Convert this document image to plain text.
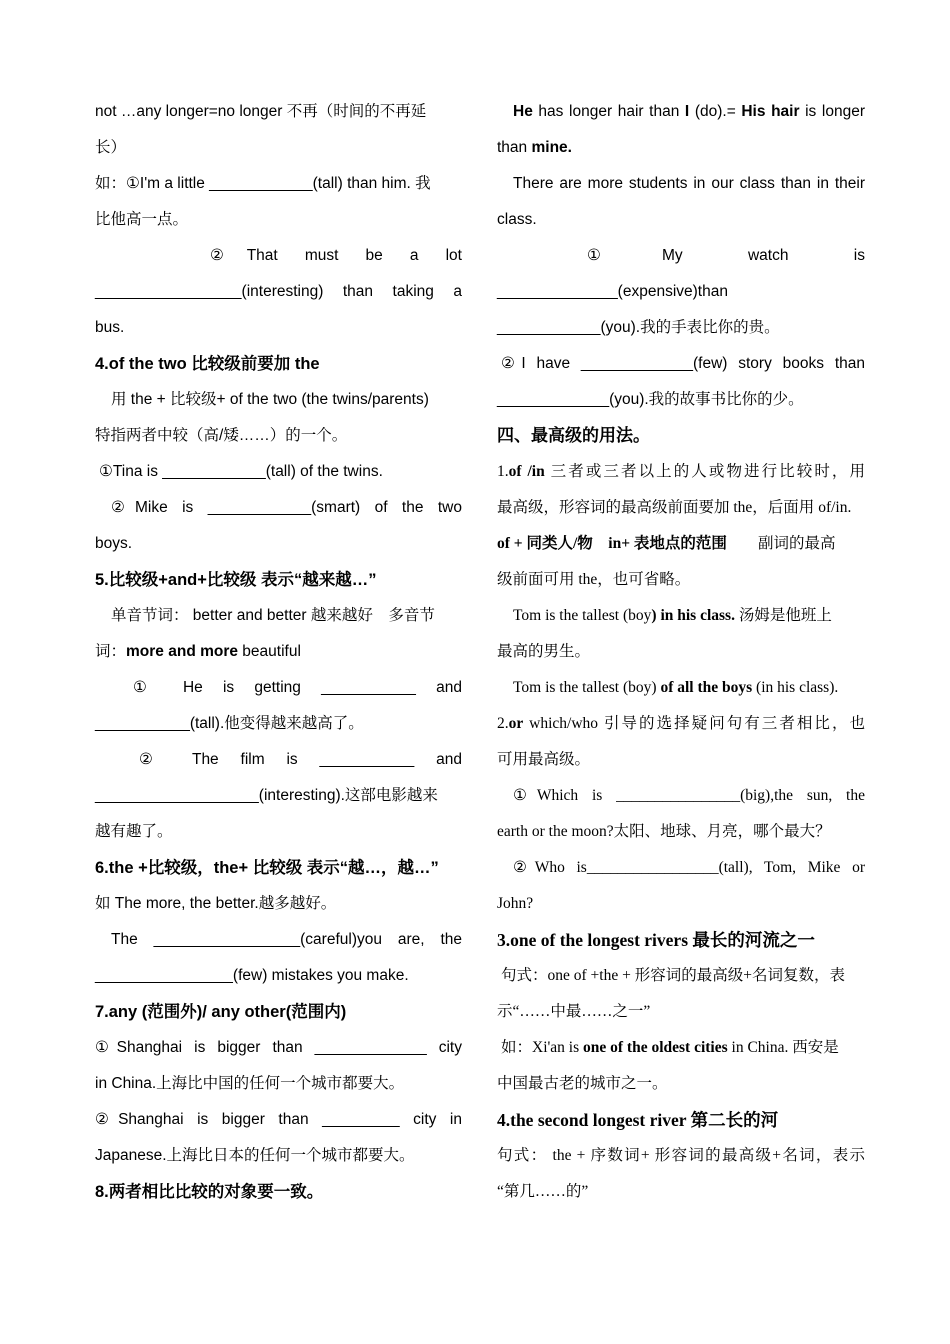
not …any longer=no longer 不再（时间的不再延

长）

如：①I'm a little ____________(tall) than him. 我

比他高一点。

②That must be a lot

_________________(interesting) than taking a

bus.

4.of the two 比较级前要加 the

用 the + 比较级+ of the two (the twins/parents)

特指两者中较（高/矮……）的一个。

①Tina is ____________(tall) of the twins.

②Mike is ____________(smart) of the two

boys.

5.比较级+and+比较级 表示“越来越…”

单音节词： better and better 越来越好　多音节

词：more and more beautiful

① He is getting ___________ and

___________(tall).他变得越来越高了。

② The film is ___________ and

___________________(interesting).这部电影越来

越有趣了。

6.the +比较级，the+ 比较级 表示“越…，越…”

如 The more, the better.越多越好。

The _________________(careful)you are, the

________________(few) mistakes you make.

7.any (范围外)/ any other(范围内)

①Shanghai is bigger than _____________ city

in China.上海比中国的任何一个城市都要大。

②Shanghai is bigger than _________ city in

Japanese.上海比日本的任何一个城市都要大。

8.两者相比比较的对象要一致。

He has longer hair than I (do).= His hair is longer

than mine.

There are more students in our class than in their

class.

①My watch is

______________(expensive)than

____________(you).我的手表比你的贵。

②I have _____________(few) story books than

_____________(you).我的故事书比你的少。

四、最高级的用法。

1.of /in 三者或三者以上的人或物进行比较时，用

最高级，形容词的最高级前面要加 the，后面用 of/in.

of + 同类人/物　in+ 表地点的范围　　副词的最高

级前面可用 the，也可省略。

Tom is the tallest (boy) in his class. 汤姆是他班上

最高的男生。

Tom is the tallest (boy) of all the boys (in his class).

2.or which/who 引导的选择疑问句有三者相比，也

可用最高级。

①Which is ________________(big),the sun, the

earth or the moon?太阳、地球、月亮，哪个最大？

②Who is_________________(tall), Tom, Mike or

John?

3.one of the longest rivers 最长的河流之一

句式：one of +the + 形容词的最高级+名词复数，表

示“……中最……之一”

如：Xi'an is one of the oldest cities in China. 西安是

中国最古老的城市之一。

4.the second longest river 第二长的河

句式： the + 序数词+ 形容词的最高级+名词，表示

“第几……的”
